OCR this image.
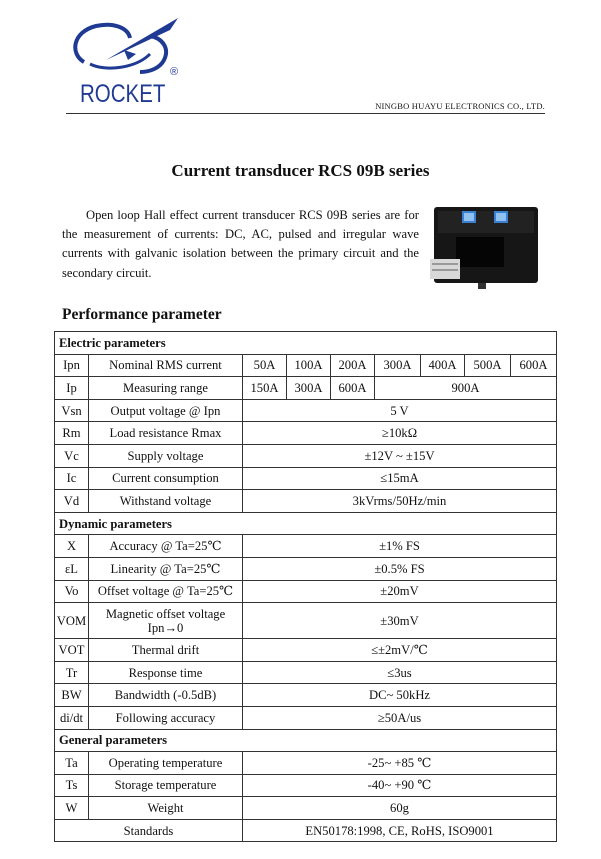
ROCKET
®
NINGBO HUAYU ELECTRONICS CO., LTD.
Current transducer RCS 09B series

Open loop Hall effect current transducer RCS 09B series are for the measurement of currents: DC, AC, pulsed and irregular wave currents with galvanic isolation between the primary circuit and the secondary circuit.

Performance parameter
Electric parameters								
Ipn	Nominal RMS current	50A	100A	200A	300A	400A	500A	600A
Ip	Measuring range	150A	300A	600A	900A			
Vsn	Output voltage @ Ipn	5 V						
Rm	Load resistance Rmax	≥10kΩ						
Vc	Supply voltage	±12V ~ ±15V						
Ic	Current consumption	≤15mA						
Vd	Withstand voltage	3kVrms/50Hz/min						
Dynamic parameters								
X	Accuracy @ Ta=25℃	±1% FS						
εL	Linearity @ Ta=25℃	±0.5% FS						
Vo	Offset voltage @ Ta=25℃	±20mV						
VOM	Magnetic offset voltage Ipn→0	±30mV						
VOT	Thermal drift	≤±2mV/℃						
Tr	Response time	≤3us						
BW	Bandwidth (-0.5dB)	DC~ 50kHz						
di/dt	Following accuracy	≥50A/us						
General parameters								
Ta	Operating temperature	-25~ +85 ℃						
Ts	Storage temperature	-40~ +90 ℃						
W	Weight	60g						
Standards		EN50178:1998, CE, RoHS, ISO9001						
